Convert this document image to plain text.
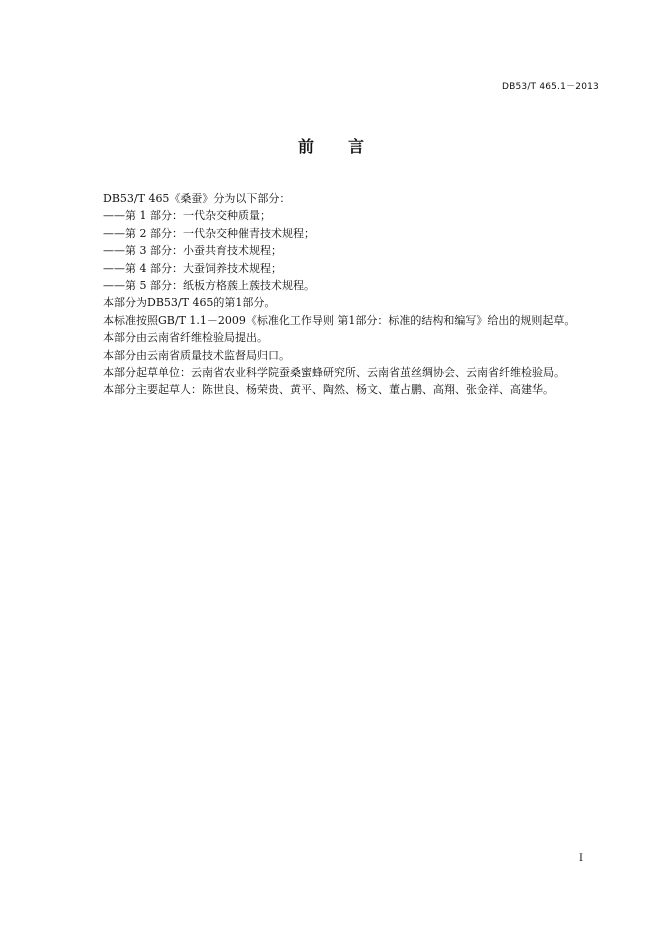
DB53/T 465.1－2013
前言
DB53/T 465《桑蚕》分为以下部分：
——第 1 部分：一代杂交种质量；
——第 2 部分：一代杂交种催青技术规程；
——第 3 部分：小蚕共育技术规程；
——第 4 部分：大蚕饲养技术规程；
——第 5 部分：纸板方格蔟上蔟技术规程。
本部分为DB53/T 465的第1部分。
本标准按照GB/T 1.1－2009《标准化工作导则 第1部分：标准的结构和编写》给出的规则起草。
本部分由云南省纤维检验局提出。
本部分由云南省质量技术监督局归口。
本部分起草单位：云南省农业科学院蚕桑蜜蜂研究所、云南省茧丝绸协会、云南省纤维检验局。
本部分主要起草人：陈世良、杨荣贵、黄平、陶然、杨文、董占鹏、高翔、张金祥、高建华。
I
